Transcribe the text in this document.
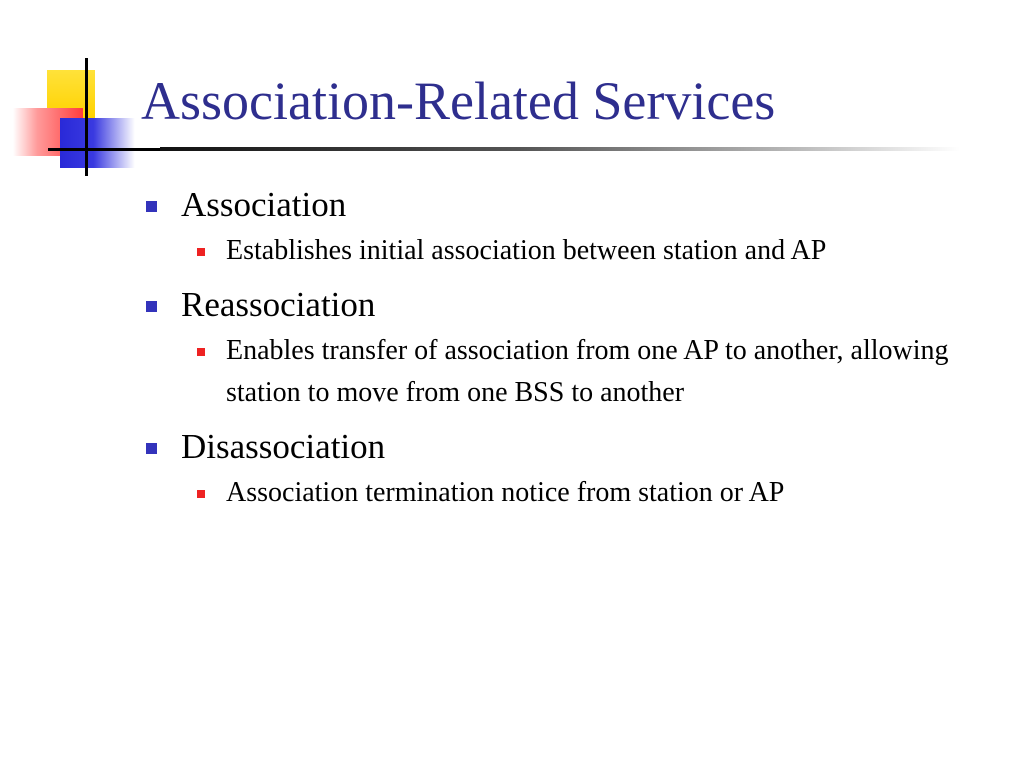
Association-Related Services
Association
Establishes initial association between station and AP
Reassociation
Enables transfer of association from one AP to another, allowing station to move from one BSS to another
Disassociation
Association termination notice from station or AP
